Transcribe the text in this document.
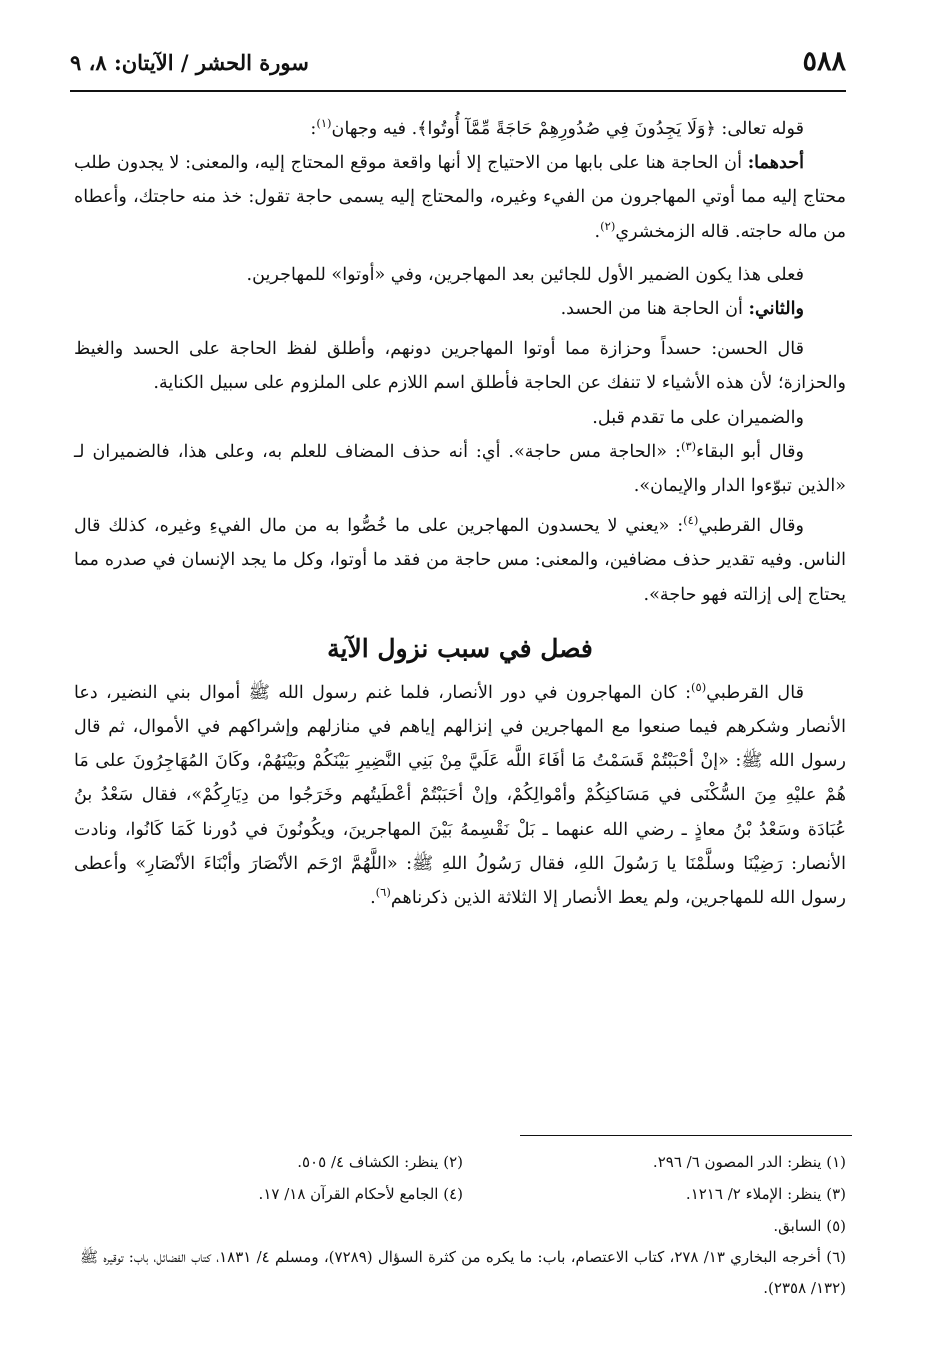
٥٨٨
سورة الحشر / الآيتان: ٨، ٩

قوله تعالى: ﴿وَلَا يَجِدُونَ فِي صُدُورِهِمْ حَاجَةً مِّمَّآ أُوتُوا﴾. فيه وجهان$^{(١)}$:

أحدهما: أن الحاجة هنا على بابها من الاحتياج إلا أنها واقعة موقع المحتاج إليه، والمعنى: لا يجدون طلب محتاج إليه مما أوتي المهاجرون من الفيء وغيره، والمحتاج إليه يسمى حاجة تقول: خذ منه حاجتك، وأعطاه من ماله حاجته. قاله الزمخشري$^{(٢)}$.

فعلى هذا يكون الضمير الأول للجائين بعد المهاجرين، وفي «أوتوا» للمهاجرين.

والثاني: أن الحاجة هنا من الحسد.

قال الحسن: حسداً وحزازة مما أوتوا المهاجرين دونهم، وأطلق لفظ الحاجة على الحسد والغيظ والحزازة؛ لأن هذه الأشياء لا تنفك عن الحاجة فأطلق اسم اللازم على الملزوم على سبيل الكناية.

والضميران على ما تقدم قبل.

وقال أبو البقاء$^{(٣)}$: «الحاجة مس حاجة». أي: أنه حذف المضاف للعلم به، وعلى هذا، فالضميران لـ «الذين تبوّءوا الدار والإيمان».

وقال القرطبي$^{(٤)}$: «يعني لا يحسدون المهاجرين على ما خُصُّوا به من مال الفيءِ وغيره، كذلك قال الناس. وفيه تقدير حذف مضافين، والمعنى: مس حاجة من فقد ما أوتوا، وكل ما يجد الإنسان في صدره مما يحتاج إلى إزالته فهو حاجة».

فصل في سبب نزول الآية

قال القرطبي$^{(٥)}$: كان المهاجرون في دور الأنصار، فلما غنم رسول الله ﷺ أموال بني النضير، دعا الأنصار وشكرهم فيما صنعوا مع المهاجرين في إنزالهم إياهم في منازلهم وإشراكهم في الأموال، ثم قال رسول الله ﷺ: «إنْ أحْبَبْتُمْ قَسَمْتُ مَا أفَاءَ اللَّه عَلَيَّ مِنْ بَنِي النَّضِيرِ بَيْنَكُمْ وبَيْنَهُمْ، وكَانَ المُهَاجِرُونَ على مَا هُمْ عليْهِ مِنَ السُّكْنَى في مَسَاكنِكُمْ وأمْوالِكُمْ، وإنْ أحَبَبْتُمْ أعْطَيتُهم وخَرَجُوا من دِيَارِكُمْ»، فقال سَعْدُ بنُ عُبَادَة وسَعْدُ بْنُ معاذٍ ـ رضي الله عنهما ـ بَلْ نَقْسِمهُ بَيْنَ المهاجرينَ، ويكُونُونَ في دُورنا كَمَا كَانُوا، ونادت الأنصار: رَضِيْنَا وسلَّمْنَا يا رَسُولَ اللهِ، فقال رَسُولُ اللهِ ﷺ: «اللَّهُمَّ ارْحَم الأنْصَارَ وأبْنَاءَ الأنْصَارِ» وأعطى رسول الله للمهاجرين، ولم يعط الأنصار إلا الثلاثة الذين ذكرناهم$^{(٦)}$.

(١) ينظر: الدر المصون ٦/ ٢٩٦.
(٢) ينظر: الكشاف ٤/ ٥٠٥.
(٣) ينظر: الإملاء ٢/ ١٢١٦.
(٤) الجامع لأحكام القرآن ١٨/ ١٧.
(٥) السابق.
(٦) أخرجه البخاري ١٣/ ٢٧٨، كتاب الاعتصام، باب: ما يكره من كثرة السؤال (٧٢٨٩)، ومسلم ٤/ ١٨٣١، كتاب الفضائل، باب: توقيره ﷺ (١٣٢/ ٢٣٥٨).
